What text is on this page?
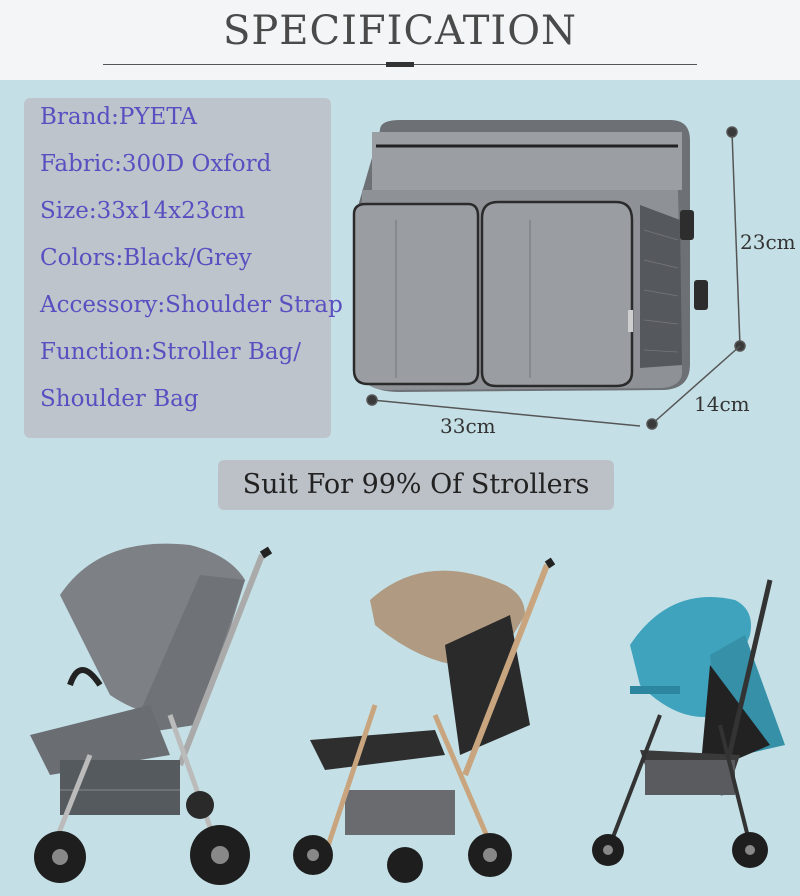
SPECIFICATION
Brand:PYETA
Fabric:300D Oxford
Size:33x14x23cm
Colors:Black/Grey
Accessory:Shoulder Strap
Function:Stroller Bag/
Shoulder Bag
23cm
14cm
33cm
Suit For 99% Of Strollers
